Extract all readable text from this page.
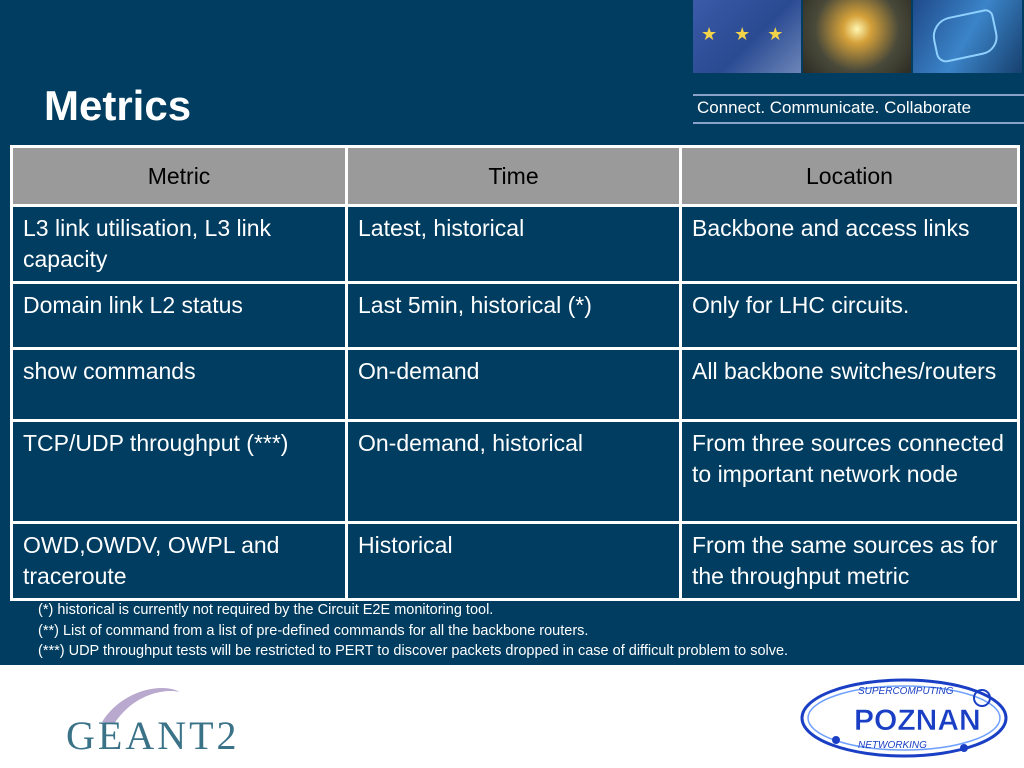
★ ★ ★
Metrics	Connect. Communicate. Collaborate
Metric	Time	Location
L3 link utilisation, L3 link capacity	Latest, historical	Backbone and access links
Domain link L2 status	Last 5min, historical (*)	Only for LHC circuits.
show commands	On-demand	All backbone switches/routers
TCP/UDP throughput (***)	On-demand, historical	From three sources connected to important network node
OWD,OWDV, OWPL and traceroute	Historical	From the same sources as for the throughput metric
(*) historical is currently not required by the Circuit E2E monitoring tool.
(**) List of command from a list of pre-defined commands for all the backbone routers.
(***) UDP throughput tests will be restricted to PERT to discover packets dropped in case of difficult problem to solve.
GEANT2
SUPERCOMPUTING
POZNAN
NETWORKING
